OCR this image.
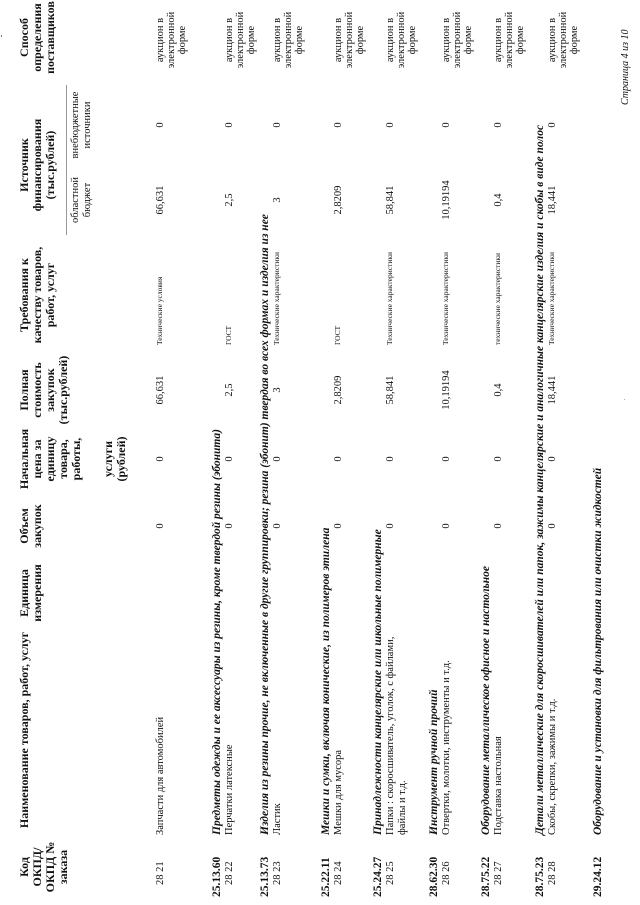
Код ОКПД/ ОКПД № заказа
Наименование товаров, работ, услуг
Единица измерения
Объем закупок
Начальная цена за единицу товара, работы, услуги (рублей)
Полная стоимость закупок (тыс.рублей)
Требования к качеству товаров, работ, услуг
Источник финансирования (тыс.рублей)
областной бюджет
внебюджетные источники
Способ определения поставщиков
28 21
Запчасти для автомобилей
0
0
66,631
Технические условия
66,631
0
аукцион в электронной форме
25.13.60
Предметы одежды и ее аксессуары из резины, кроме твердой резины (эбонита)
28 22
Перчатки латексные
0
0
2,5
ГОСТ
2,5
0
аукцион в электронной форме
25.13.73
Изделия из резины прочие, не включенные в другие группировки; резина (эбонит) твердая во всех формах и изделия из нее
28 23
Ластик
0
0
3
Технические характеристики
3
0
аукцион в электронной форме
25.22.11
Мешки и сумки, включая конические, из полимеров этилена
28 24
Мешки для мусора
0
0
2,8209
ГОСТ
2,8209
0
аукцион в электронной форме
25.24.27
Принадлежности канцелярские или школьные полимерные
28 25
Папки : скоросшиватель, уголок, с файлами, файлы и т.д.
0
0
58,841
Технические характеристики
58,841
0
аукцион в электронной форме
28.62.30
Инструмент ручной прочий
28 26
Отвертки, молотки, инструменты и т.д.
0
0
10,19194
Технические характеристики
10,19194
0
аукцион в электронной форме
28.75.22
Оборудование металлическое офисное и настольное
28 27
Подставка настольная
0
0
0,4
технические характеристики
0,4
0
аукцион в электронной форме
28.75.23
Детали металлические для скоросшивателей или папок, зажимы канцелярские и аналогичные канцелярские изделия и скобы в виде полос
28 28
Скобы, скрепки, зажимы и т.д.
0
0
18,441
Технические характеристики
18,441
0
аукцион в электронной форме
29.24.12
Оборудование и установки для фильтрования или очистки жидкостей
Страница 4 из 10
